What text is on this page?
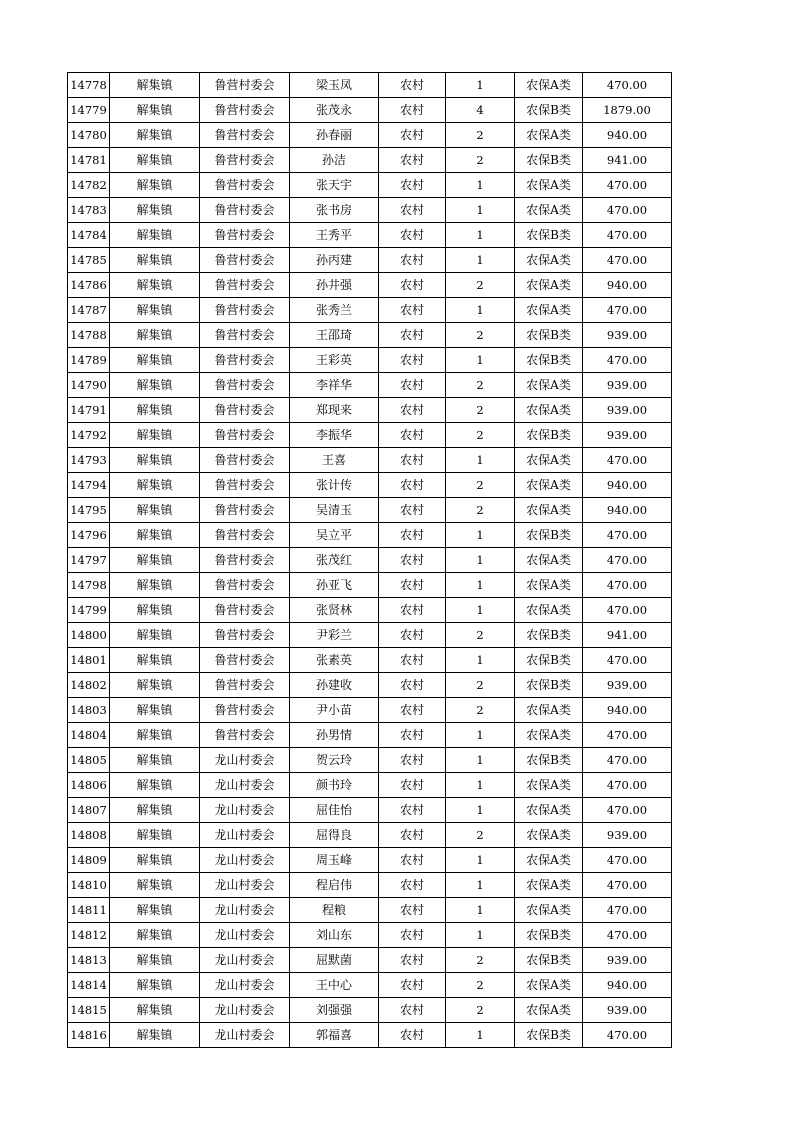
14778	解集镇	鲁营村委会	梁玉凤	农村	1	农保A类	470.00
14779	解集镇	鲁营村委会	张茂永	农村	4	农保B类	1879.00
14780	解集镇	鲁营村委会	孙春丽	农村	2	农保A类	940.00
14781	解集镇	鲁营村委会	孙洁	农村	2	农保B类	941.00
14782	解集镇	鲁营村委会	张天宇	农村	1	农保A类	470.00
14783	解集镇	鲁营村委会	张书房	农村	1	农保A类	470.00
14784	解集镇	鲁营村委会	王秀平	农村	1	农保B类	470.00
14785	解集镇	鲁营村委会	孙丙建	农村	1	农保A类	470.00
14786	解集镇	鲁营村委会	孙井强	农村	2	农保A类	940.00
14787	解集镇	鲁营村委会	张秀兰	农村	1	农保A类	470.00
14788	解集镇	鲁营村委会	王邵琦	农村	2	农保B类	939.00
14789	解集镇	鲁营村委会	王彩英	农村	1	农保B类	470.00
14790	解集镇	鲁营村委会	李祥华	农村	2	农保A类	939.00
14791	解集镇	鲁营村委会	郑现来	农村	2	农保A类	939.00
14792	解集镇	鲁营村委会	李振华	农村	2	农保B类	939.00
14793	解集镇	鲁营村委会	王喜	农村	1	农保A类	470.00
14794	解集镇	鲁营村委会	张计传	农村	2	农保A类	940.00
14795	解集镇	鲁营村委会	吴清玉	农村	2	农保A类	940.00
14796	解集镇	鲁营村委会	吴立平	农村	1	农保B类	470.00
14797	解集镇	鲁营村委会	张茂红	农村	1	农保A类	470.00
14798	解集镇	鲁营村委会	孙亚飞	农村	1	农保A类	470.00
14799	解集镇	鲁营村委会	张贤林	农村	1	农保A类	470.00
14800	解集镇	鲁营村委会	尹彩兰	农村	2	农保B类	941.00
14801	解集镇	鲁营村委会	张素英	农村	1	农保B类	470.00
14802	解集镇	鲁营村委会	孙建收	农村	2	农保B类	939.00
14803	解集镇	鲁营村委会	尹小苗	农村	2	农保A类	940.00
14804	解集镇	鲁营村委会	孙男情	农村	1	农保A类	470.00
14805	解集镇	龙山村委会	贺云玲	农村	1	农保B类	470.00
14806	解集镇	龙山村委会	颜书玲	农村	1	农保A类	470.00
14807	解集镇	龙山村委会	屈佳怡	农村	1	农保A类	470.00
14808	解集镇	龙山村委会	屈得良	农村	2	农保A类	939.00
14809	解集镇	龙山村委会	周玉峰	农村	1	农保A类	470.00
14810	解集镇	龙山村委会	程启伟	农村	1	农保A类	470.00
14811	解集镇	龙山村委会	程粮	农村	1	农保A类	470.00
14812	解集镇	龙山村委会	刘山东	农村	1	农保B类	470.00
14813	解集镇	龙山村委会	屈默菌	农村	2	农保B类	939.00
14814	解集镇	龙山村委会	王中心	农村	2	农保A类	940.00
14815	解集镇	龙山村委会	刘强强	农村	2	农保A类	939.00
14816	解集镇	龙山村委会	郭福喜	农村	1	农保B类	470.00
